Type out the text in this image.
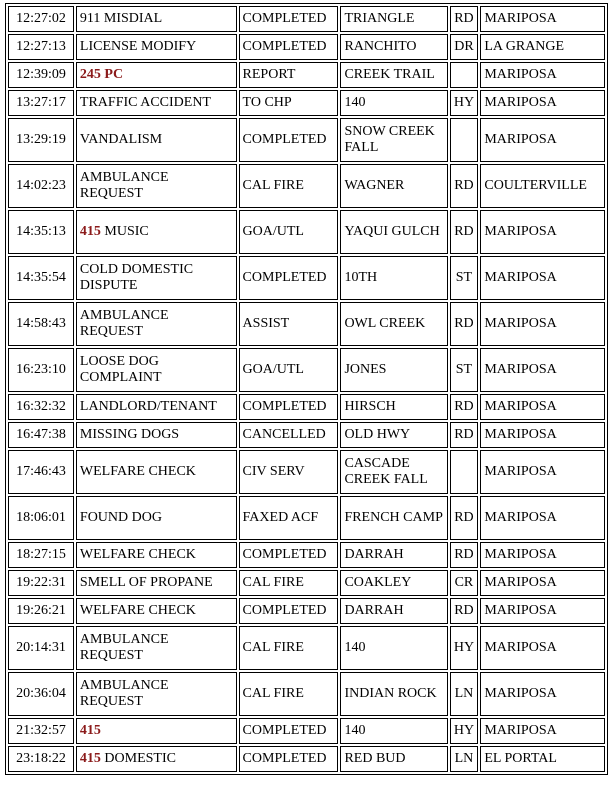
12:27:02	911 MISDIAL	COMPLETED	TRIANGLE	RD	MARIPOSA
12:27:13	LICENSE MODIFY	COMPLETED	RANCHITO	DR	LA GRANGE
12:39:09	245 PC	REPORT	CREEK TRAIL		MARIPOSA
13:27:17	TRAFFIC ACCIDENT	TO CHP	140	HY	MARIPOSA
13:29:19	VANDALISM	COMPLETED	SNOW CREEK FALL		MARIPOSA
14:02:23	AMBULANCE REQUEST	CAL FIRE	WAGNER	RD	COULTERVILLE
14:35:13	415 MUSIC	GOA/UTL	YAQUI GULCH	RD	MARIPOSA
14:35:54	COLD DOMESTIC DISPUTE	COMPLETED	10TH	ST	MARIPOSA
14:58:43	AMBULANCE REQUEST	ASSIST	OWL CREEK	RD	MARIPOSA
16:23:10	LOOSE DOG COMPLAINT	GOA/UTL	JONES	ST	MARIPOSA
16:32:32	LANDLORD/TENANT	COMPLETED	HIRSCH	RD	MARIPOSA
16:47:38	MISSING DOGS	CANCELLED	OLD HWY	RD	MARIPOSA
17:46:43	WELFARE CHECK	CIV SERV	CASCADE CREEK FALL		MARIPOSA
18:06:01	FOUND DOG	FAXED ACF	FRENCH CAMP	RD	MARIPOSA
18:27:15	WELFARE CHECK	COMPLETED	DARRAH	RD	MARIPOSA
19:22:31	SMELL OF PROPANE	CAL FIRE	COAKLEY	CR	MARIPOSA
19:26:21	WELFARE CHECK	COMPLETED	DARRAH	RD	MARIPOSA
20:14:31	AMBULANCE REQUEST	CAL FIRE	140	HY	MARIPOSA
20:36:04	AMBULANCE REQUEST	CAL FIRE	INDIAN ROCK	LN	MARIPOSA
21:32:57	415	COMPLETED	140	HY	MARIPOSA
23:18:22	415 DOMESTIC	COMPLETED	RED BUD	LN	EL PORTAL
